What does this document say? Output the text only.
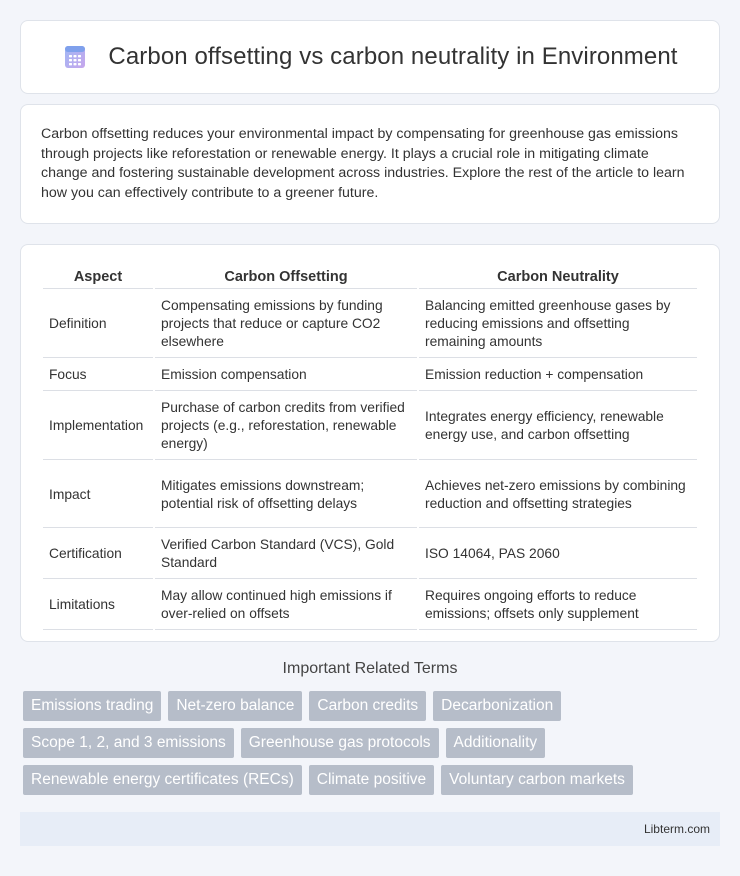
Carbon offsetting vs carbon neutrality in Environment

Carbon offsetting reduces your environmental impact by compensating for greenhouse gas emissions through projects like reforestation or renewable energy. It plays a crucial role in mitigating climate change and fostering sustainable development across industries. Explore the rest of the article to learn how you can effectively contribute to a greener future.

Aspect	Carbon Offsetting	Carbon Neutrality
Definition	Compensating emissions by funding projects that reduce or capture CO2 elsewhere	Balancing emitted greenhouse gases by reducing emissions and offsetting remaining amounts
Focus	Emission compensation	Emission reduction + compensation
Implementation	Purchase of carbon credits from verified projects (e.g., reforestation, renewable energy)	Integrates energy efficiency, renewable energy use, and carbon offsetting
Impact	Mitigates emissions downstream; potential risk of offsetting delays	Achieves net-zero emissions by combining reduction and offsetting strategies
Certification	Verified Carbon Standard (VCS), Gold Standard	ISO 14064, PAS 2060
Limitations	May allow continued high emissions if over-relied on offsets	Requires ongoing efforts to reduce emissions; offsets only supplement
Important Related Terms
Emissions trading	Net-zero balance	Carbon credits	Decarbonization
Scope 1, 2, and 3 emissions	Greenhouse gas protocols	Additionality
Renewable energy certificates (RECs)	Climate positive	Voluntary carbon markets
Libterm.com
